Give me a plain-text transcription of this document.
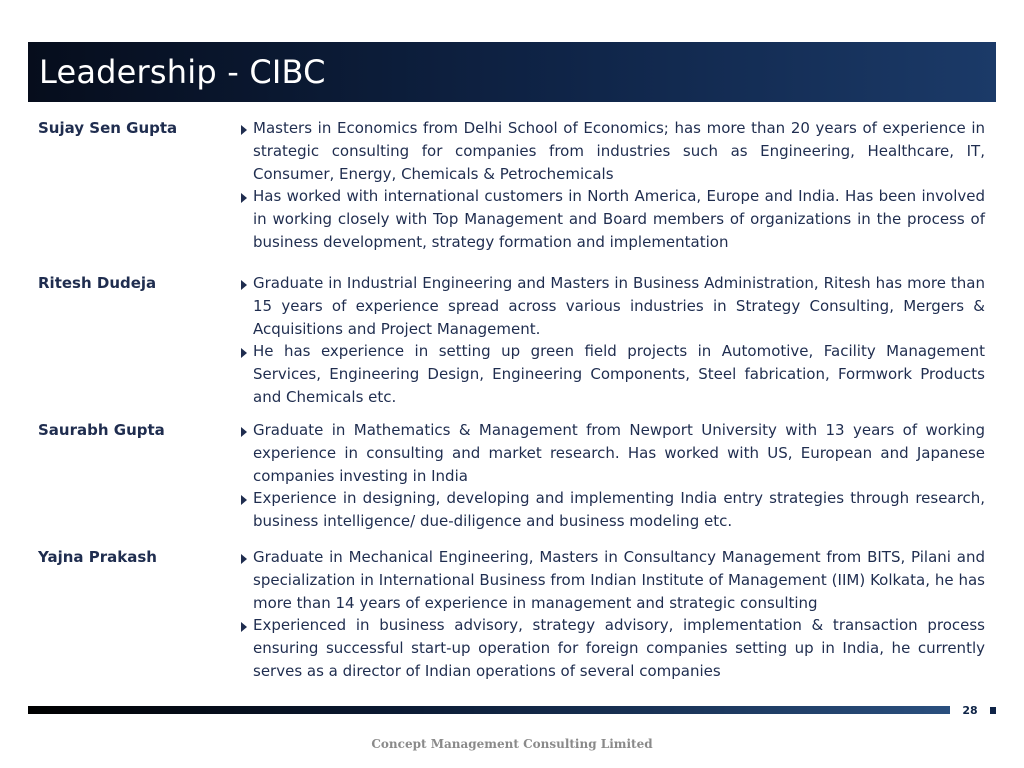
Leadership - CIBC
Sujay Sen Gupta	Masters in Economics from Delhi School of Economics; has more than 20 years of experience in strategic consulting for companies from industries such as Engineering, Healthcare, IT, Consumer, Energy, Chemicals & Petrochemicals
Has worked with international customers in North America, Europe and India. Has been involved in working closely with Top Management and Board members of organizations in the process of business development, strategy formation and implementation
Ritesh Dudeja	Graduate in Industrial Engineering and Masters in Business Administration, Ritesh has more than 15 years of experience spread across various industries in Strategy Consulting, Mergers & Acquisitions and Project Management.
He has experience in setting up green field projects in Automotive, Facility Management Services, Engineering Design, Engineering Components, Steel fabrication, Formwork Products and Chemicals etc.
Saurabh Gupta	Graduate in Mathematics & Management from Newport University with 13 years of working experience in consulting and market research. Has worked with US, European and Japanese companies investing in India
Experience in designing, developing and implementing India entry strategies through research, business intelligence/ due-diligence and business modeling etc.
Yajna Prakash	Graduate in Mechanical Engineering, Masters in Consultancy Management from BITS, Pilani and specialization in International Business from Indian Institute of Management (IIM) Kolkata, he has more than 14 years of experience in management and strategic consulting
Experienced in business advisory, strategy advisory, implementation & transaction process ensuring successful start-up operation for foreign companies setting up in India, he currently serves as a director of Indian operations of several companies
28
Concept Management Consulting Limited
